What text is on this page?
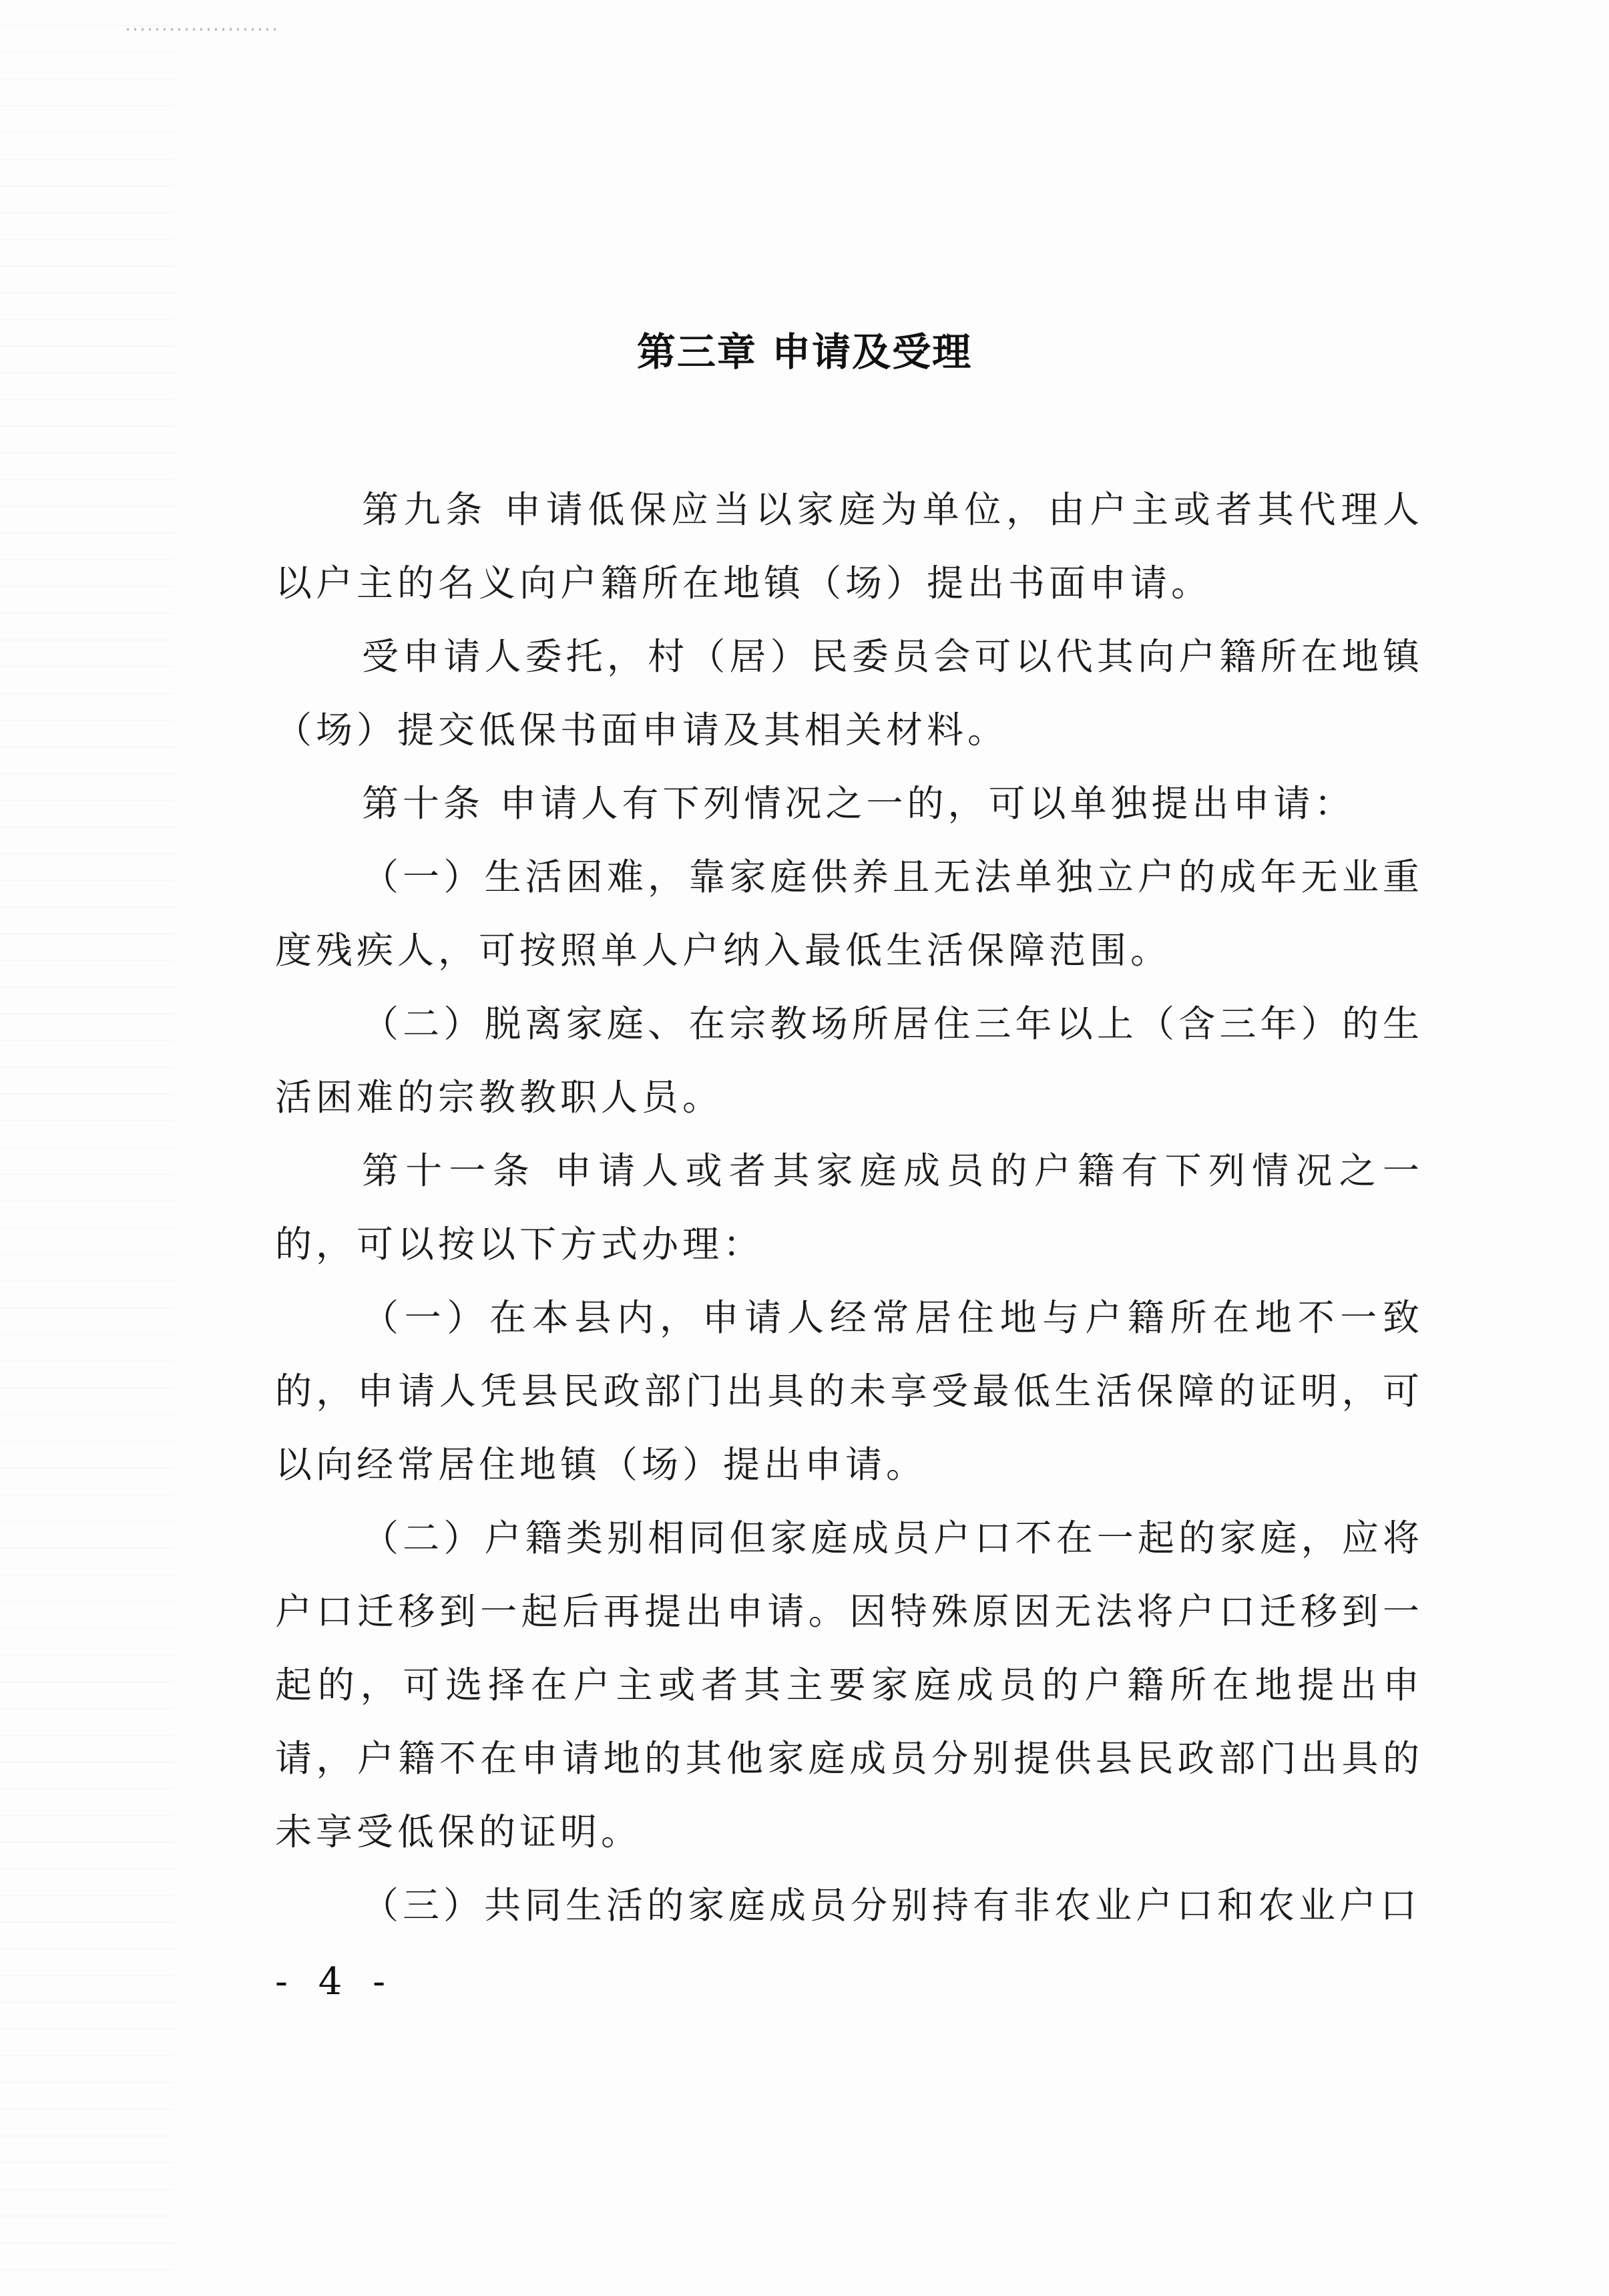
第三章 申请及受理

第九条 申请低保应当以家庭为单位，由户主或者其代理人以户主的名义向户籍所在地镇（场）提出书面申请。

受申请人委托，村（居）民委员会可以代其向户籍所在地镇（场）提交低保书面申请及其相关材料。

第十条 申请人有下列情况之一的，可以单独提出申请：

（一）生活困难，靠家庭供养且无法单独立户的成年无业重度残疾人，可按照单人户纳入最低生活保障范围。

（二）脱离家庭、在宗教场所居住三年以上（含三年）的生活困难的宗教教职人员。

第十一条 申请人或者其家庭成员的户籍有下列情况之一的，可以按以下方式办理：

（一）在本县内，申请人经常居住地与户籍所在地不一致的，申请人凭县民政部门出具的未享受最低生活保障的证明，可以向经常居住地镇（场）提出申请。

（二）户籍类别相同但家庭成员户口不在一起的家庭，应将户口迁移到一起后再提出申请。因特殊原因无法将户口迁移到一起的，可选择在户主或者其主要家庭成员的户籍所在地提出申请，户籍不在申请地的其他家庭成员分别提供县民政部门出具的未享受低保的证明。

（三）共同生活的家庭成员分别持有非农业户口和农业户口

- 4 -
